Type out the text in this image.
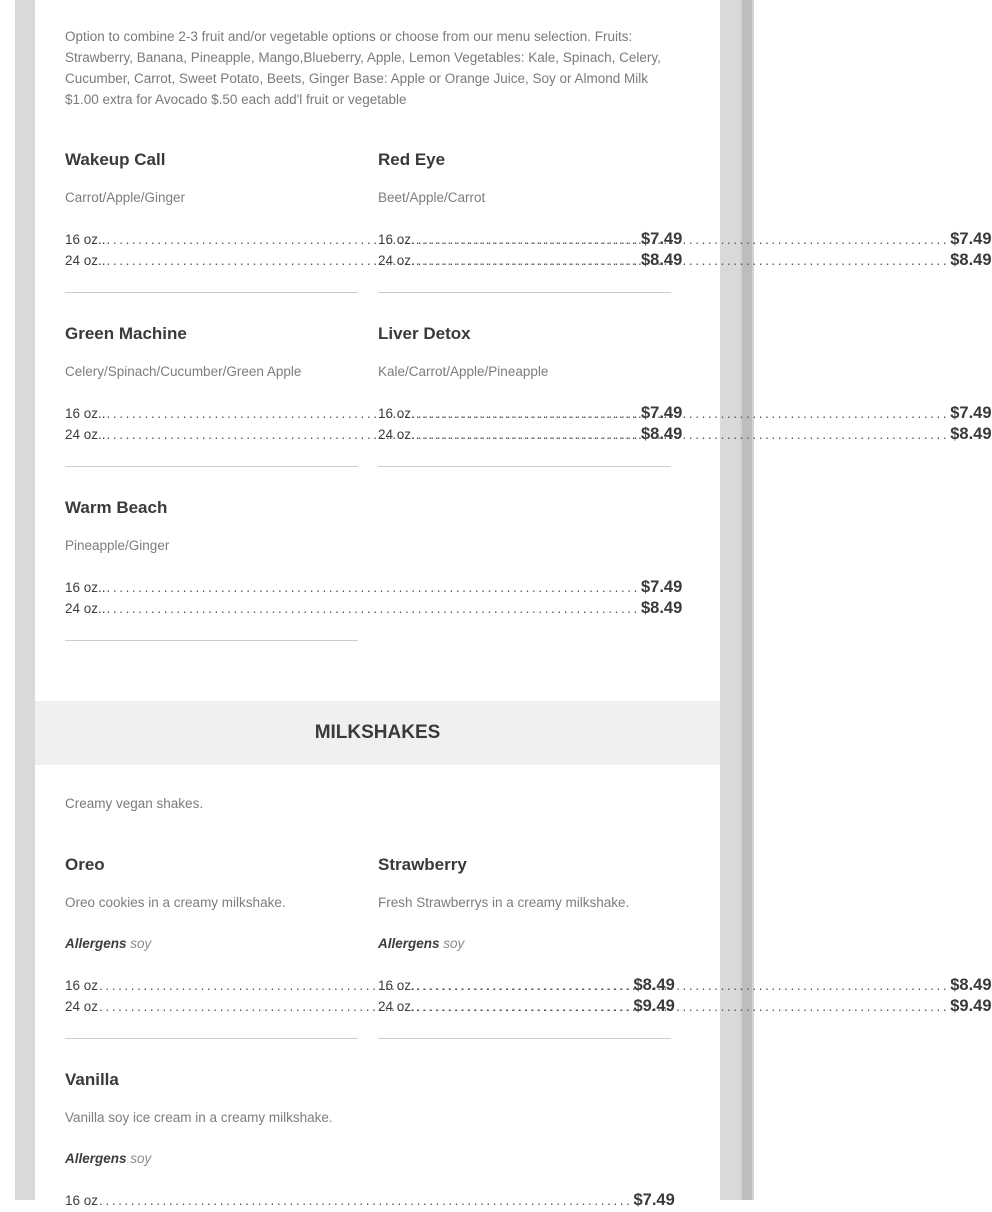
Option to combine 2-3 fruit and/or vegetable options or choose from our menu selection. Fruits: Strawberry, Banana, Pineapple, Mango,Blueberry, Apple, Lemon Vegetables: Kale, Spinach, Celery, Cucumber, Carrot, Sweet Potato, Beets, Ginger Base: Apple or Orange Juice, Soy or Almond Milk $1.00 extra for Avocado $.50 each add'l fruit or vegetable

Wakeup Call

Carrot/Apple/Ginger

16 oz.. .....	$7.49
24 oz.. .....	$8.49
Red Eye

Beet/Apple/Carrot

16 oz. .....	$7.49
24 oz. .....	$8.49
Green Machine

Celery/Spinach/Cucumber/Green Apple

16 oz.. .....	$7.49
24 oz.. .....	$8.49
Liver Detox

Kale/Carrot/Apple/Pineapple

16 oz. .....	$7.49
24 oz. .....	$8.49
Warm Beach

Pineapple/Ginger

16 oz.. .....	$7.49
24 oz.. .....	$8.49
MILKSHAKES

Creamy vegan shakes.

Oreo

Oreo cookies in a creamy milkshake.

Allergens soy
16 oz .....	$8.49
24 oz .....	$9.49
Strawberry

Fresh Strawberrys in a creamy milkshake.

Allergens soy
16 oz. .....	$8.49
24 oz. .....	$9.49
Vanilla

Vanilla soy ice cream in a creamy milkshake.

Allergens soy
16 oz .....	$7.49
